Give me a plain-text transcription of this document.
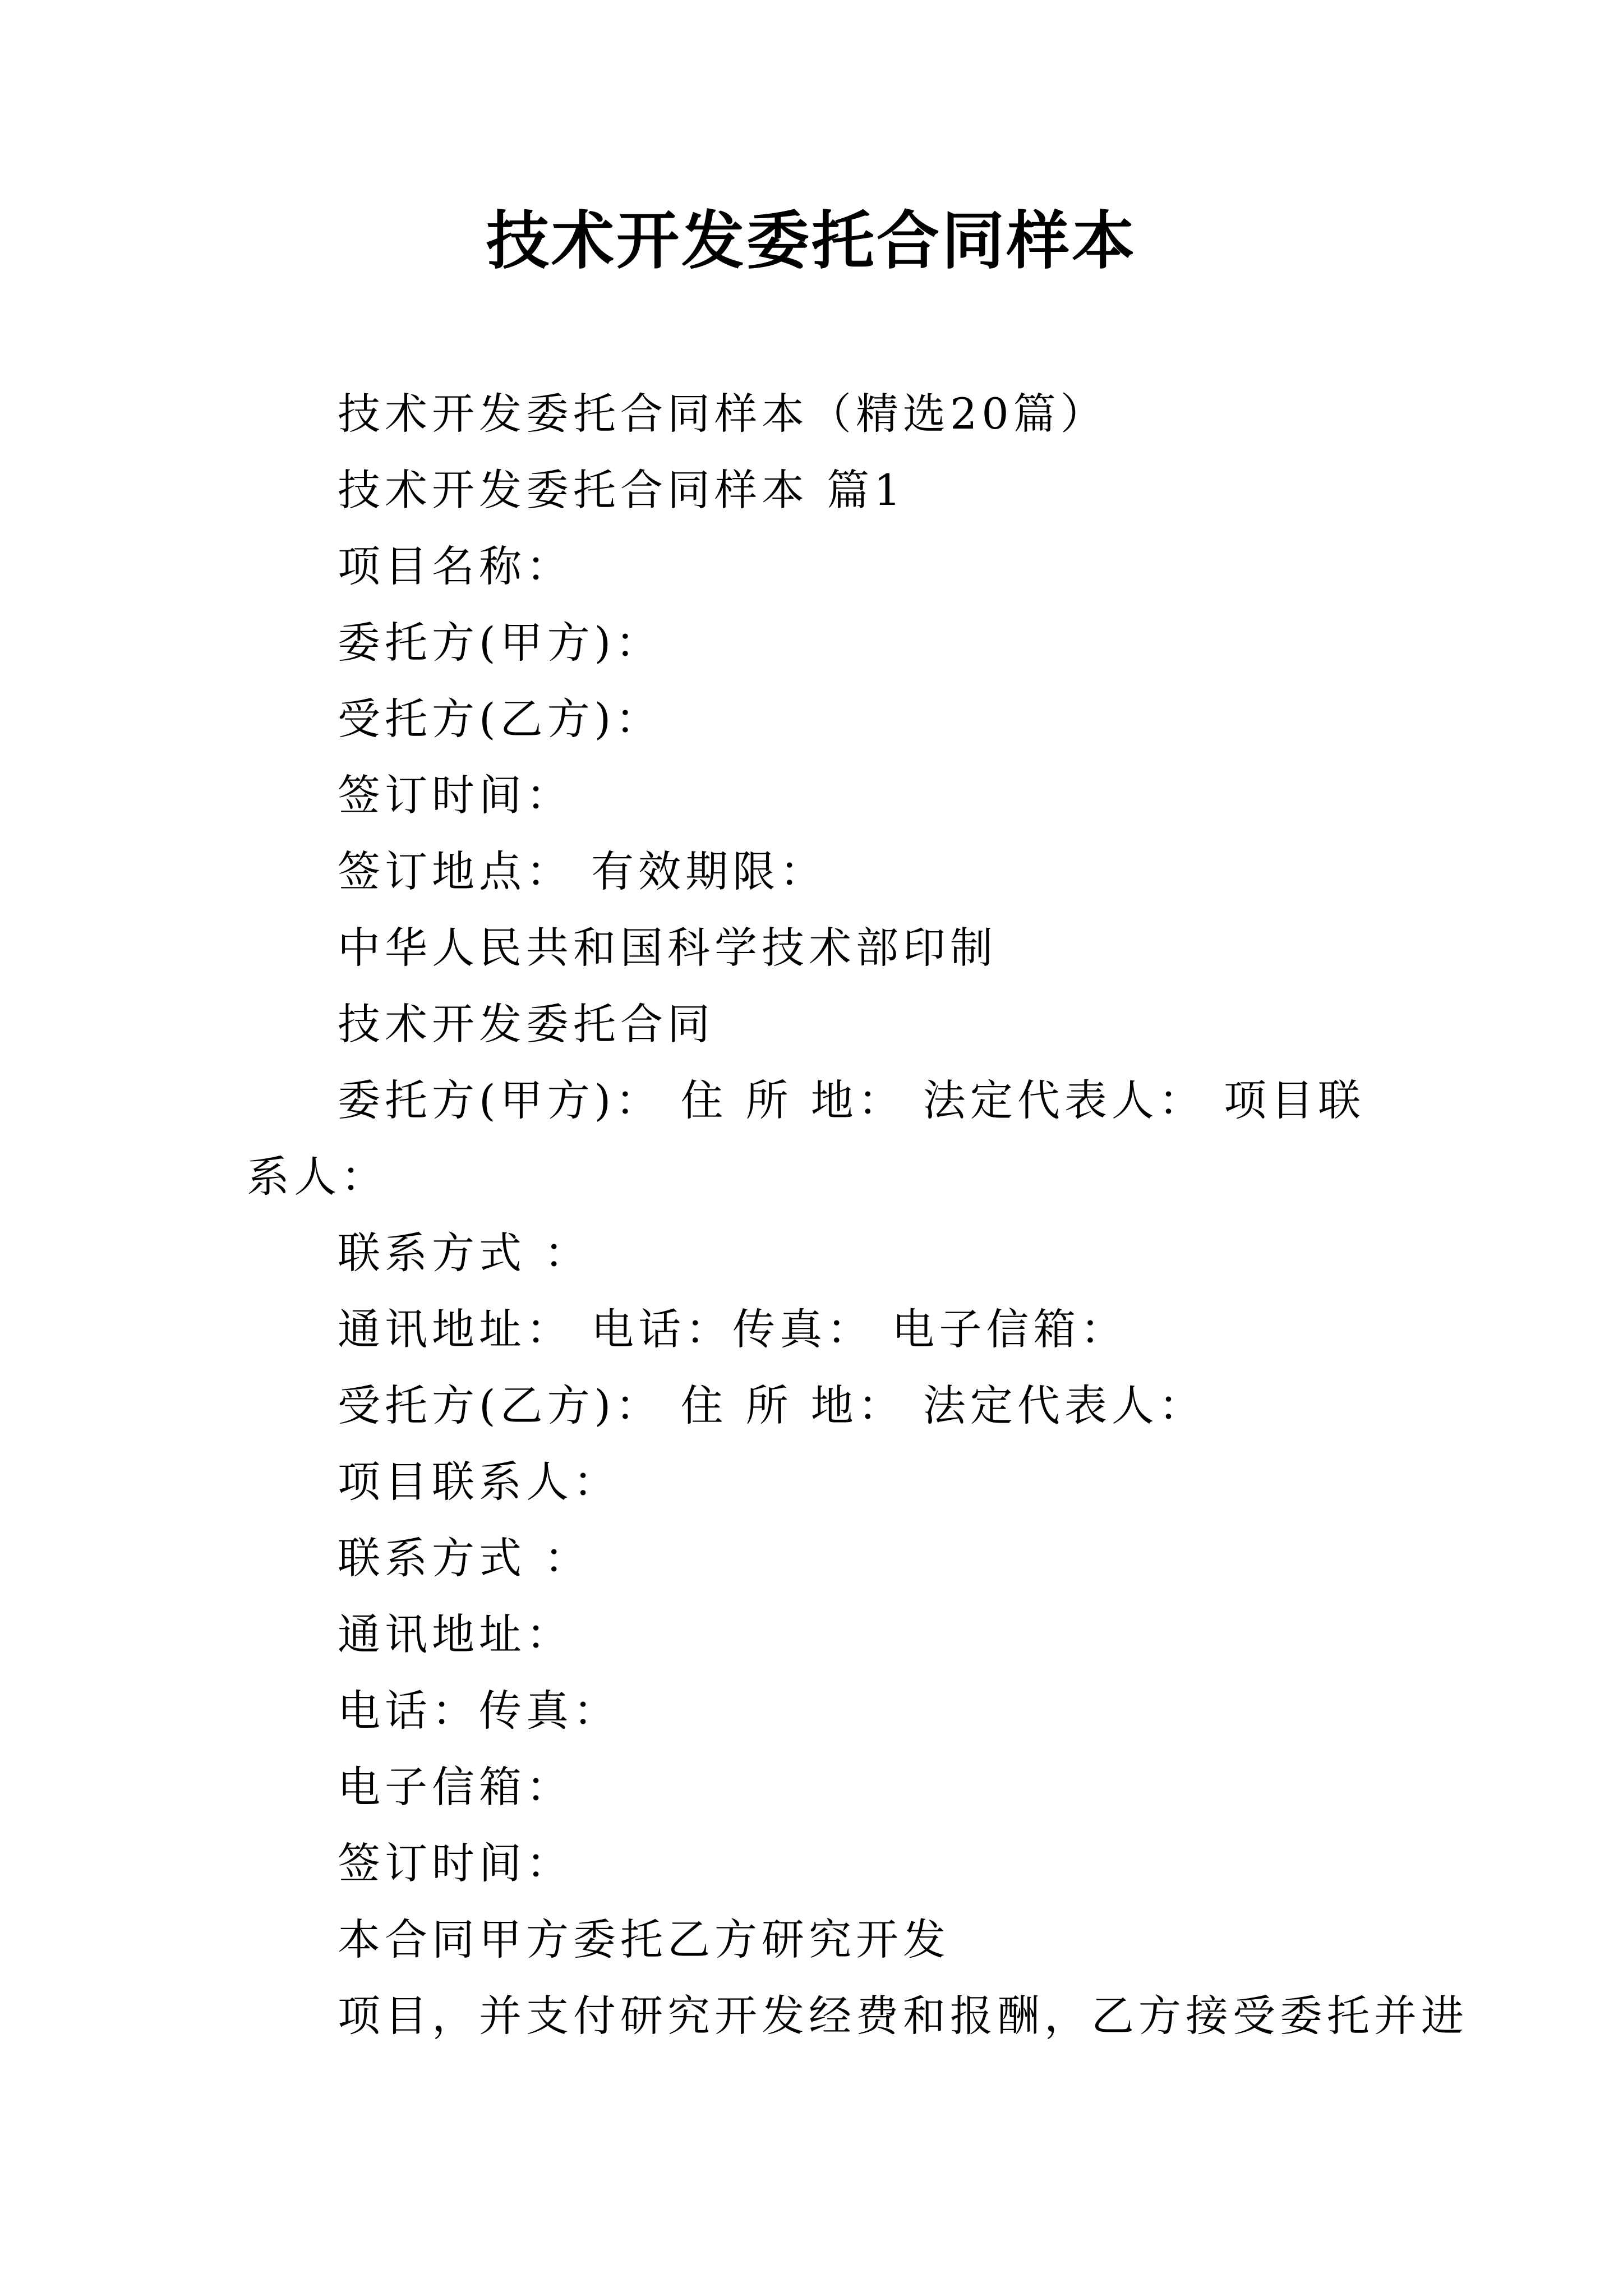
技术开发委托合同样本

技术开发委托合同样本（精选20篇）

技术开发委托合同样本 篇1

项目名称：

委托方(甲方)：

受托方(乙方)：

签订时间：

签订地点： 有效期限：

中华人民共和国科学技术部印制

技术开发委托合同

委托方(甲方)： 住 所 地： 法定代表人： 项目联系人：

联系方式 ：

通讯地址： 电话：传真： 电子信箱：

受托方(乙方)： 住 所 地： 法定代表人：

项目联系人：

联系方式 ：

通讯地址：

电话：传真：

电子信箱：

签订时间：

本合同甲方委托乙方研究开发

项目，并支付研究开发经费和报酬，乙方接受委托并进
